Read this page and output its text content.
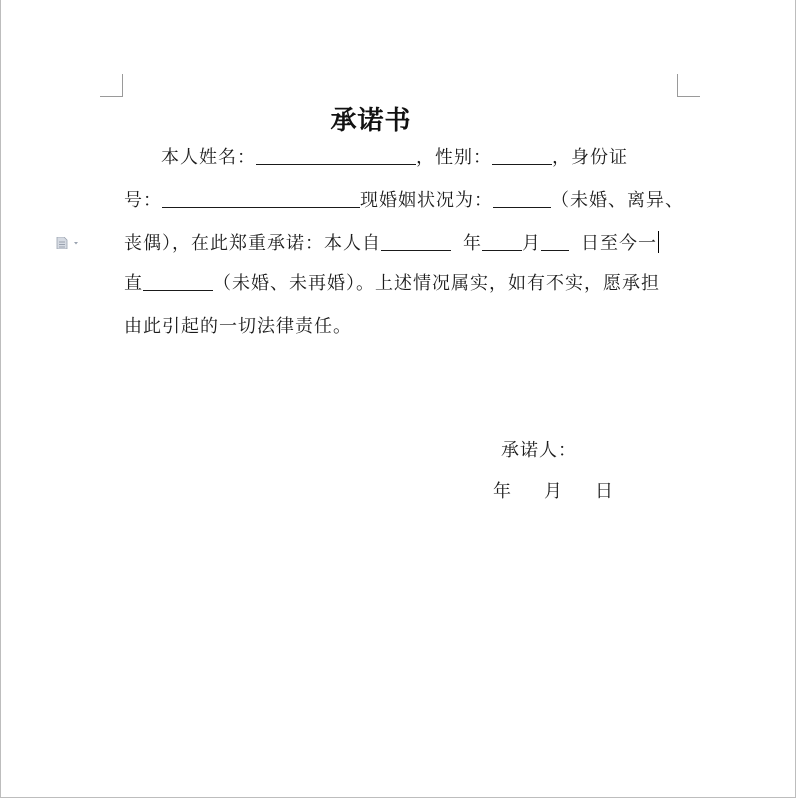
承诺书
本人姓名：	，性别：	，身份证
号：	现婚姻状况为：	（未婚、离异、
丧偶），在此郑重承诺：本人自	年 月 日至今一
直	（未婚、未再婚）。上述情况属实，如有不实，愿承担
由此引起的一切法律责任。
承诺人：
年 月 日
